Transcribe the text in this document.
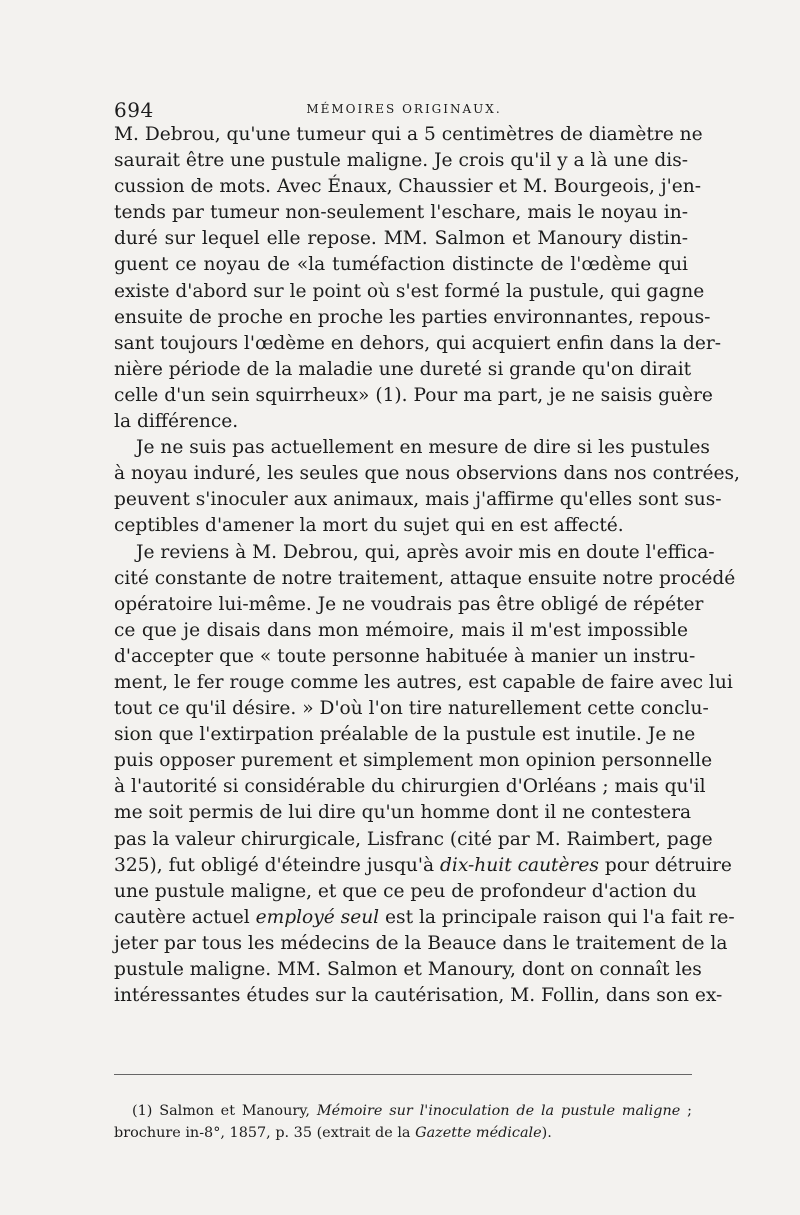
694	MÉMOIRES ORIGINAUX.
M. Debrou, qu'une tumeur qui a 5 centimètres de diamètre ne
saurait être une pustule maligne. Je crois qu'il y a là une dis-
cussion de mots. Avec Énaux, Chaussier et M. Bourgeois, j'en-
tends par tumeur non-seulement l'eschare, mais le noyau in-
duré sur lequel elle repose. MM. Salmon et Manoury distin-
guent ce noyau de «la tuméfaction distincte de l'œdème qui
existe d'abord sur le point où s'est formé la pustule, qui gagne
ensuite de proche en proche les parties environnantes, repous-
sant toujours l'œdème en dehors, qui acquiert enfin dans la der-
nière période de la maladie une dureté si grande qu'on dirait
celle d'un sein squirrheux» (1). Pour ma part, je ne saisis guère
la différence.
Je ne suis pas actuellement en mesure de dire si les pustules
à noyau induré, les seules que nous observions dans nos contrées,
peuvent s'inoculer aux animaux, mais j'affirme qu'elles sont sus-
ceptibles d'amener la mort du sujet qui en est affecté.
Je reviens à M. Debrou, qui, après avoir mis en doute l'effica-
cité constante de notre traitement, attaque ensuite notre procédé
opératoire lui-même. Je ne voudrais pas être obligé de répéter
ce que je disais dans mon mémoire, mais il m'est impossible
d'accepter que « toute personne habituée à manier un instru-
ment, le fer rouge comme les autres, est capable de faire avec lui
tout ce qu'il désire. » D'où l'on tire naturellement cette conclu-
sion que l'extirpation préalable de la pustule est inutile. Je ne
puis opposer purement et simplement mon opinion personnelle
à l'autorité si considérable du chirurgien d'Orléans ; mais qu'il
me soit permis de lui dire qu'un homme dont il ne contestera
pas la valeur chirurgicale, Lisfranc (cité par M. Raimbert, page
325), fut obligé d'éteindre jusqu'à dix-huit cautères pour détruire
une pustule maligne, et que ce peu de profondeur d'action du
cautère actuel employé seul est la principale raison qui l'a fait re-
jeter par tous les médecins de la Beauce dans le traitement de la
pustule maligne. MM. Salmon et Manoury, dont on connaît les
intéressantes études sur la cautérisation, M. Follin, dans son ex-
(1) Salmon et Manoury, Mémoire sur l'inoculation de la pustule maligne ;
brochure in-8°, 1857, p. 35 (extrait de la Gazette médicale).
